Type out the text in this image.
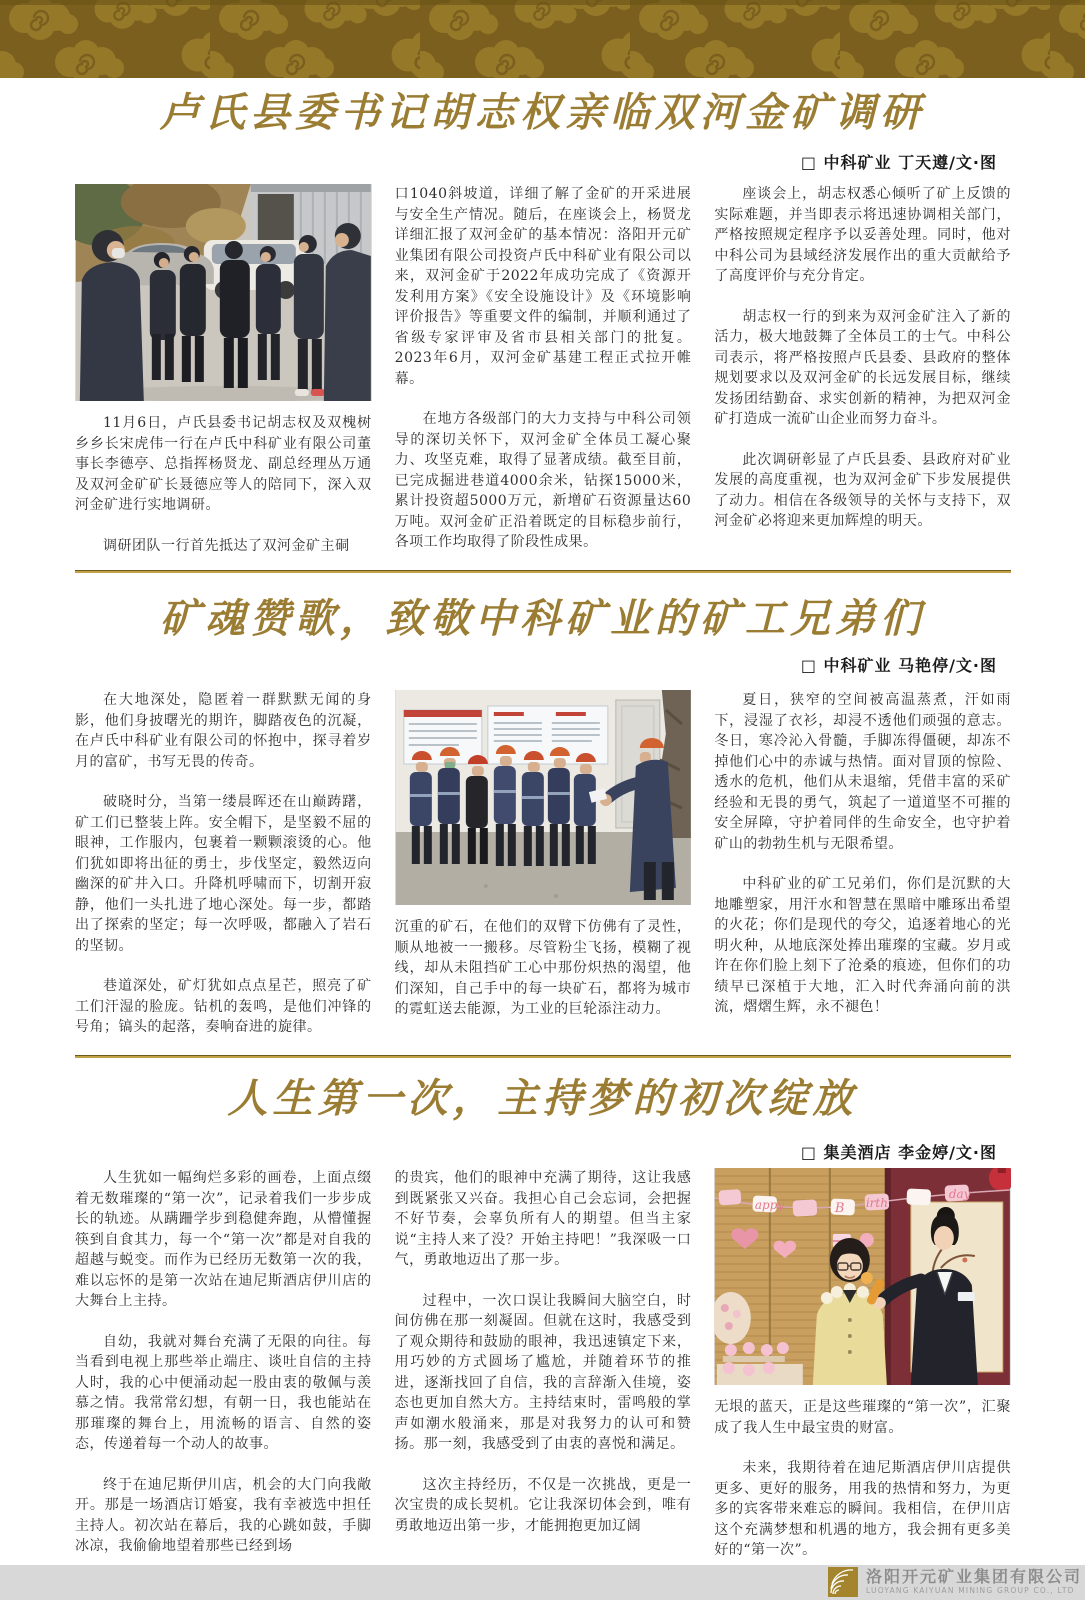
卢氏县委书记胡志权亲临双河金矿调研
□ 中科矿业 丁天遵/文·图

11月6日，卢氏县委书记胡志权及双槐树乡乡长宋虎伟一行在卢氏中科矿业有限公司董事长李德亭、总指挥杨贤龙、副总经理丛万通及双河金矿矿长聂德应等人的陪同下，深入双河金矿进行实地调研。

调研团队一行首先抵达了双河金矿主硐

口1040斜坡道，详细了解了金矿的开采进展与安全生产情况。随后，在座谈会上，杨贤龙详细汇报了双河金矿的基本情况：洛阳开元矿业集团有限公司投资卢氏中科矿业有限公司以来，双河金矿于2022年成功完成了《资源开发利用方案》《安全设施设计》及《环境影响评价报告》等重要文件的编制，并顺利通过了省级专家评审及省市县相关部门的批复。2023年6月，双河金矿基建工程正式拉开帷幕。

在地方各级部门的大力支持与中科公司领导的深切关怀下，双河金矿全体员工凝心聚力、攻坚克难，取得了显著成绩。截至目前，已完成掘进巷道4000余米，钻探15000米，累计投资超5000万元，新增矿石资源量达60万吨。双河金矿正沿着既定的目标稳步前行，各项工作均取得了阶段性成果。

座谈会上，胡志权悉心倾听了矿上反馈的实际难题，并当即表示将迅速协调相关部门，严格按照规定程序予以妥善处理。同时，他对中科公司为县域经济发展作出的重大贡献给予了高度评价与充分肯定。

胡志权一行的到来为双河金矿注入了新的活力，极大地鼓舞了全体员工的士气。中科公司表示，将严格按照卢氏县委、县政府的整体规划要求以及双河金矿的长远发展目标，继续发扬团结勤奋、求实创新的精神，为把双河金矿打造成一流矿山企业而努力奋斗。

此次调研彰显了卢氏县委、县政府对矿业发展的高度重视，也为双河金矿下步发展提供了动力。相信在各级领导的关怀与支持下，双河金矿必将迎来更加辉煌的明天。

矿魂赞歌，致敬中科矿业的矿工兄弟们
□ 中科矿业 马艳停/文·图

在大地深处，隐匿着一群默默无闻的身影，他们身披曙光的期许，脚踏夜色的沉凝，在卢氏中科矿业有限公司的怀抱中，探寻着岁月的富矿，书写无畏的传奇。

破晓时分，当第一缕晨晖还在山巅踌躇，矿工们已整装上阵。安全帽下，是坚毅不屈的眼神，工作服内，包裹着一颗颗滚烫的心。他们犹如即将出征的勇士，步伐坚定，毅然迈向幽深的矿井入口。升降机呼啸而下，切割开寂静，他们一头扎进了地心深处。每一步，都踏出了探索的坚定；每一次呼吸，都融入了岩石的坚韧。

巷道深处，矿灯犹如点点星芒，照亮了矿工们汗湿的脸庞。钻机的轰鸣，是他们冲锋的号角；镐头的起落，奏响奋进的旋律。

沉重的矿石，在他们的双臂下仿佛有了灵性，顺从地被一一搬移。尽管粉尘飞扬，模糊了视线，却从未阻挡矿工心中那份炽热的渴望，他们深知，自己手中的每一块矿石，都将为城市的霓虹送去能源，为工业的巨轮添注动力。

夏日，狭窄的空间被高温蒸煮，汗如雨下，浸湿了衣衫，却浸不透他们顽强的意志。冬日，寒冷沁入骨髓，手脚冻得僵硬，却冻不掉他们心中的赤诚与热情。面对冒顶的惊险、透水的危机，他们从未退缩，凭借丰富的采矿经验和无畏的勇气，筑起了一道道坚不可摧的安全屏障，守护着同伴的生命安全，也守护着矿山的勃勃生机与无限希望。

中科矿业的矿工兄弟们，你们是沉默的大地雕塑家，用汗水和智慧在黑暗中雕琢出希望的火花；你们是现代的夸父，追逐着地心的光明火种，从地底深处捧出璀璨的宝藏。岁月或许在你们脸上刻下了沧桑的痕迹，但你们的功绩早已深植于大地，汇入时代奔涌向前的洪流，熠熠生辉，永不褪色！

人生第一次，主持梦的初次绽放
□ 集美酒店 李金婷/文·图

人生犹如一幅绚烂多彩的画卷，上面点缀着无数璀璨的“第一次”，记录着我们一步步成长的轨迹。从蹒跚学步到稳健奔跑，从懵懂握筷到自食其力，每一个“第一次”都是对自我的超越与蜕变。而作为已经历无数第一次的我，难以忘怀的是第一次站在迪尼斯酒店伊川店的大舞台上主持。

自幼，我就对舞台充满了无限的向往。每当看到电视上那些举止端庄、谈吐自信的主持人时，我的心中便涌动起一股由衷的敬佩与羡慕之情。我常常幻想，有朝一日，我也能站在那璀璨的舞台上，用流畅的语言、自然的姿态，传递着每一个动人的故事。

终于在迪尼斯伊川店，机会的大门向我敞开。那是一场酒店订婚宴，我有幸被选中担任主持人。初次站在幕后，我的心跳如鼓，手脚冰凉，我偷偷地望着那些已经到场

的贵宾，他们的眼神中充满了期待，这让我感到既紧张又兴奋。我担心自己会忘词，会把握不好节奏，会辜负所有人的期望。但当主家说“主持人来了没？开始主持吧！”我深吸一口气，勇敢地迈出了那一步。

过程中，一次口误让我瞬间大脑空白，时间仿佛在那一刻凝固。但就在这时，我感受到了观众期待和鼓励的眼神，我迅速镇定下来，用巧妙的方式圆场了尴尬，并随着环节的推进，逐渐找回了自信，我的言辞渐入佳境，姿态也更加自然大方。主持结束时，雷鸣般的掌声如潮水般涌来，那是对我努力的认可和赞扬。那一刻，我感受到了由衷的喜悦和满足。

这次主持经历，不仅是一次挑战，更是一次宝贵的成长契机。它让我深切体会到，唯有勇敢地迈出第一步，才能拥抱更加辽阔

appy	B irth
day

无垠的蓝天，正是这些璀璨的“第一次”，汇聚成了我人生中最宝贵的财富。

未来，我期待着在迪尼斯酒店伊川店提供更多、更好的服务，用我的热情和努力，为更多的宾客带来难忘的瞬间。我相信，在伊川店这个充满梦想和机遇的地方，我会拥有更多美好的“第一次”。

洛阳开元矿业集团有限公司
LUOYANG KAIYUAN MINING GROUP CO., LTD
